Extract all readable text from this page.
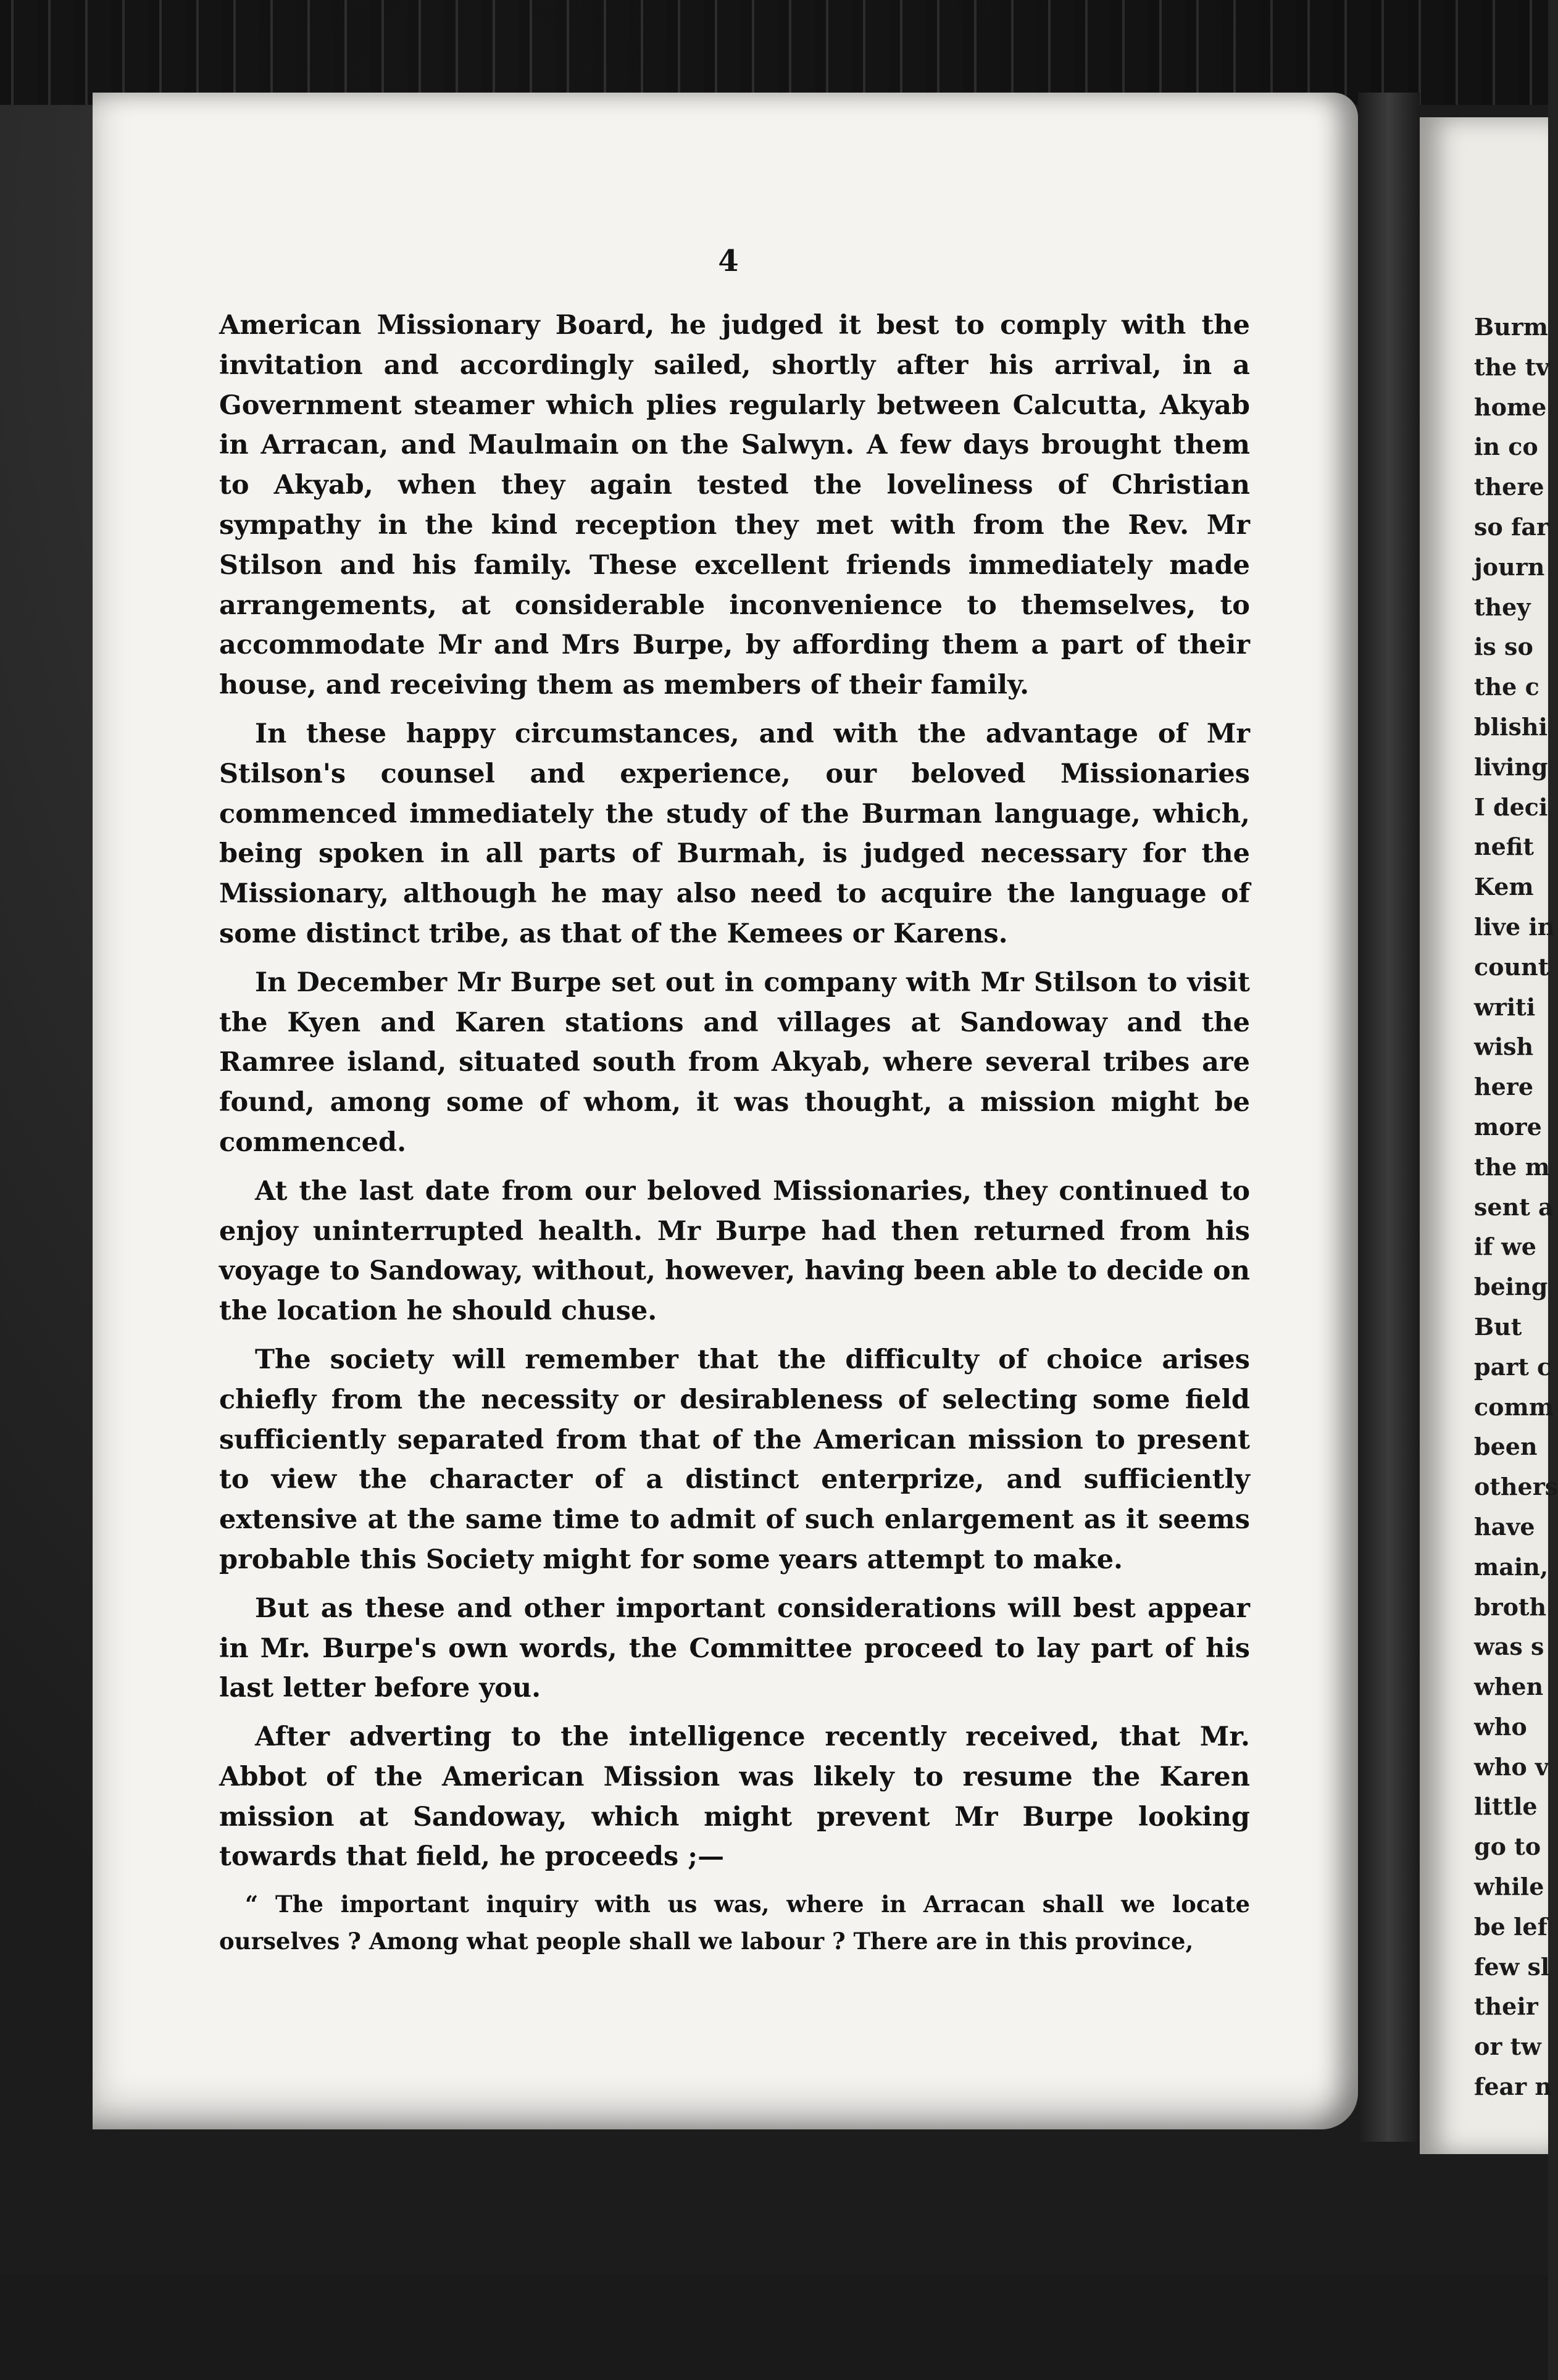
4

American Missionary Board, he judged it best to comply with the invitation and accordingly sailed, shortly after his arrival, in a Government steamer which plies regularly between Calcutta, Akyab in Arracan, and Maulmain on the Salwyn. A few days brought them to Akyab, when they again tested the loveliness of Christian sympathy in the kind reception they met with from the Rev. Mr Stilson and his family. These excellent friends immediately made arrangements, at considerable inconvenience to themselves, to accommodate Mr and Mrs Burpe, by affording them a part of their house, and receiving them as members of their family.

In these happy circumstances, and with the advantage of Mr Stilson's counsel and experience, our beloved Missionaries commenced immediately the study of the Burman language, which, being spoken in all parts of Burmah, is judged necessary for the Missionary, although he may also need to acquire the language of some distinct tribe, as that of the Kemees or Karens.

In December Mr Burpe set out in company with Mr Stilson to visit the Kyen and Karen stations and villages at Sandoway and the Ramree island, situated south from Akyab, where several tribes are found, among some of whom, it was thought, a mission might be commenced.

At the last date from our beloved Missionaries, they continued to enjoy uninterrupted health. Mr Burpe had then returned from his voyage to Sandoway, without, however, having been able to decide on the location he should chuse.

The society will remember that the difficulty of choice arises chiefly from the necessity or desirableness of selecting some field sufficiently separated from that of the American mission to present to view the character of a distinct enterprize, and sufficiently extensive at the same time to admit of such enlargement as it seems probable this Society might for some years attempt to make.

But as these and other important considerations will best appear in Mr. Burpe's own words, the Committee proceed to lay part of his last letter before you.

After adverting to the intelligence recently received, that Mr. Abbot of the American Mission was likely to resume the Karen mission at Sandoway, which might prevent Mr Burpe looking towards that field, he proceeds ;—

“ The important inquiry with us was, where in Arracan shall we locate ourselves ? Among what people shall we labour ? There are in this province,

Burm
the tv
home
in co
there
so far
journ
they
is so
the c
blishi
living
I deci
nefit
Kem
live in
count
writi
wish
here
more
the m
sent a
if we
being
But
part c
comm
been
others
have
main,
broth
was s
when
who
who v
little
go to
while
be lef
few sl
their
or tw
fear n
